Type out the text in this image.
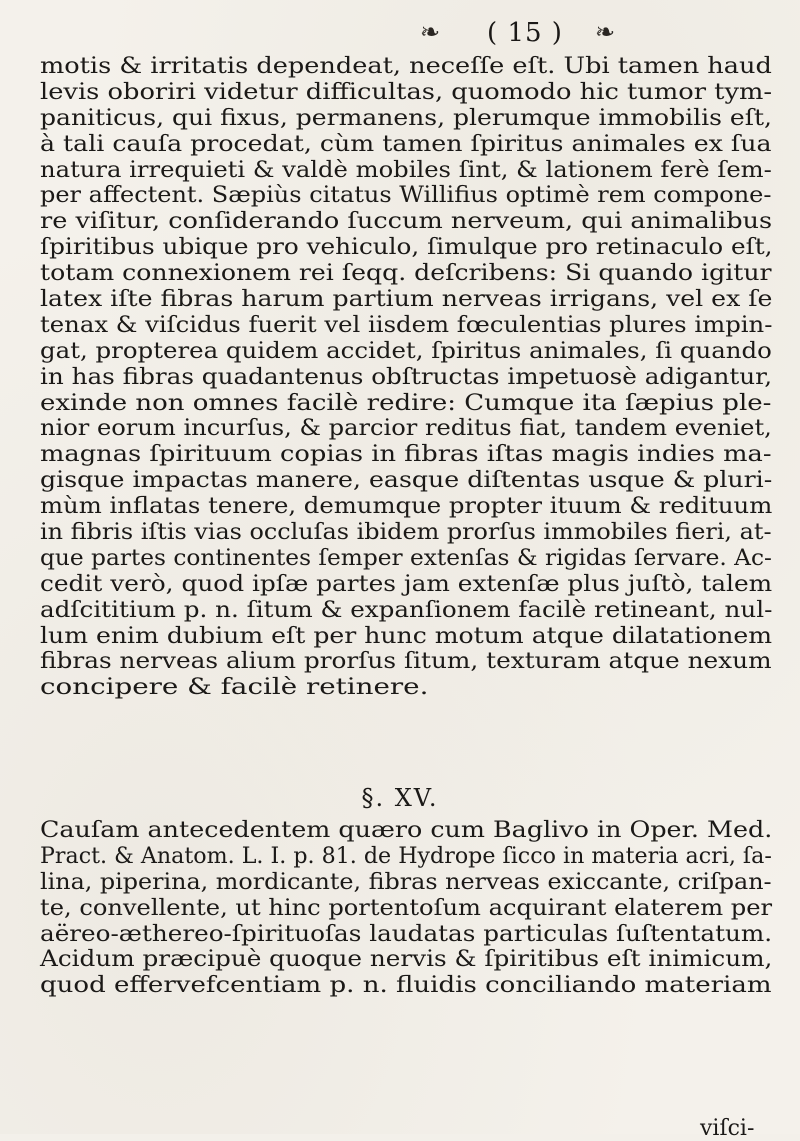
❧	( 15 )	❧
motis & irritatis dependeat, neceſſe eſt. Ubi tamen haud
levis oboriri videtur difficultas, quomodo hic tumor tym-
paniticus, qui fixus, permanens, plerumque immobilis eſt,
à tali cauſa procedat, cùm tamen ſpiritus animales ex ſua
natura irrequieti & valdè mobiles ſint, & lationem ferè ſem-
per affectent. Sæpiùs citatus Willifius optimè rem compone-
re viſitur, conſiderando ſuccum nerveum, qui animalibus
ſpiritibus ubique pro vehiculo, ſimulque pro retinaculo eſt,
totam connexionem rei ſeqq. deſcribens: Si quando igitur
latex iſte fibras harum partium nerveas irrigans, vel ex ſe
tenax & viſcidus fuerit vel iisdem fœculentias plures impin-
gat, propterea quidem accidet, ſpiritus animales, ſi quando
in has fibras quadantenus obſtructas impetuosè adigantur,
exinde non omnes facilè redire: Cumque ita ſæpius ple-
nior eorum incurſus, & parcior reditus fiat, tandem eveniet,
magnas ſpirituum copias in fibras iſtas magis indies ma-
gisque impactas manere, easque diſtentas usque & pluri-
mùm inflatas tenere, demumque propter ituum & redituum
in fibris iſtis vias occluſas ibidem prorſus immobiles fieri, at-
que partes continentes ſemper extenſas & rigidas ſervare. Ac-
cedit verò, quod ipſæ partes jam extenſæ plus juſtò, talem
adſcititium p. n. ſitum & expanſionem facilè retineant, nul-
lum enim dubium eſt per hunc motum atque dilatationem
fibras nerveas alium prorſus ſitum, texturam atque nexum
concipere & facilè retinere.
§. XV.
Cauſam antecedentem quæro cum Baglivo in Oper. Med.
Pract. & Anatom. L. I. p. 81. de Hydrope ſicco in materia acri, ſa-
lina, piperina, mordicante, fibras nerveas exiccante, criſpan-
te, convellente, ut hinc portentoſum acquirant elaterem per
aëreo-æthereo-ſpirituoſas laudatas particulas ſuſtentatum.
Acidum præcipuè quoque nervis & ſpiritibus eſt inimicum,
quod effervefcentiam p. n. fluidis conciliando materiam
viſci-
